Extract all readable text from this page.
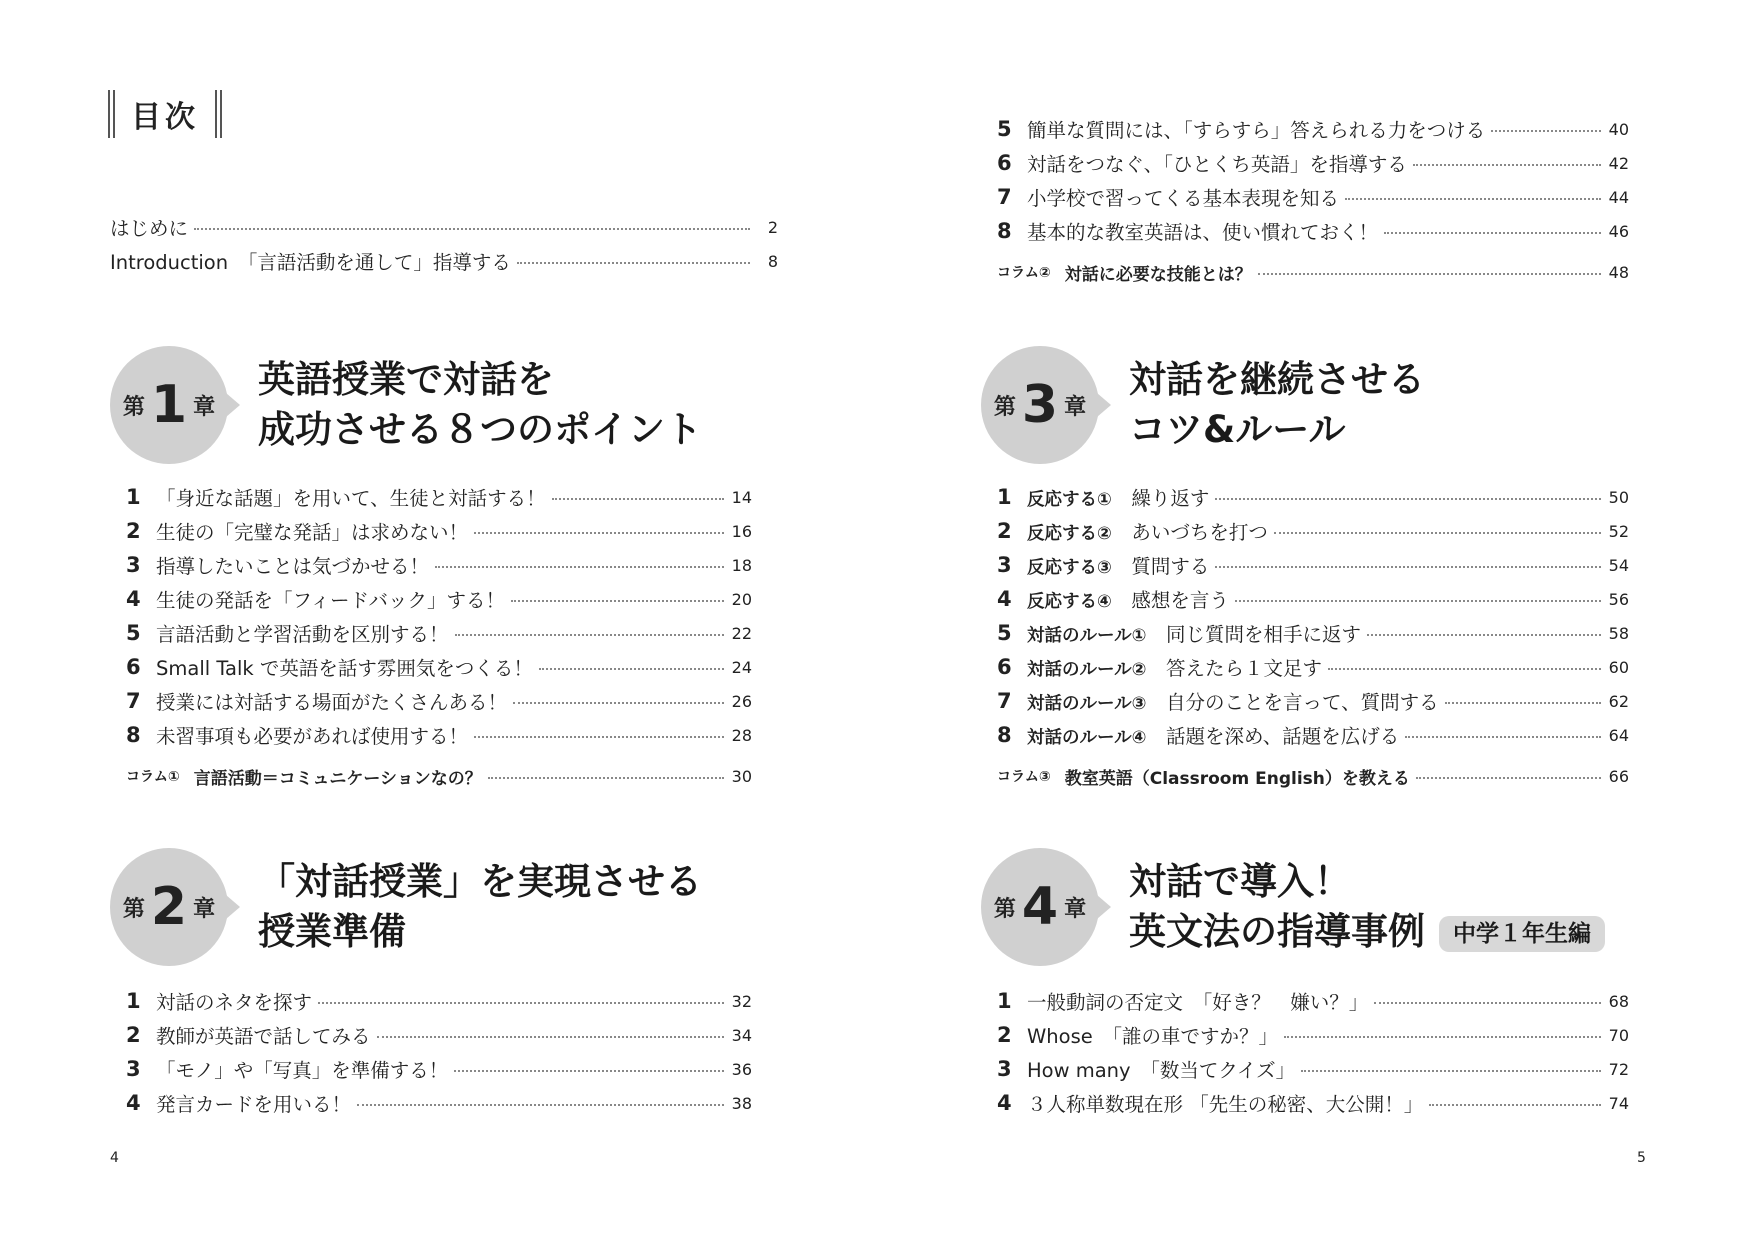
目次
はじめに	2
Introduction　「言語活動を通して」指導する	8
第 1 章
英語授業で対話を
成功させる８つのポイント
1 「身近な話題」を用いて、生徒と対話する！	14
2 生徒の「完璧な発話」は求めない！	16
3 指導したいことは気づかせる！	18
4 生徒の発話を「フィードバック」する！	20
5 言語活動と学習活動を区別する！	22
6 Small Talk で英語を話す雰囲気をつくる！	24
7 授業には対話する場面がたくさんある！	26
8 未習事項も必要があれば使用する！	28
コラム① 言語活動＝コミュニケーションなの？	30
第 2 章
「対話授業」を実現させる
授業準備
1 対話のネタを探す	32
2 教師が英語で話してみる	34
3 「モノ」や「写真」を準備する！	36
4 発言カードを用いる！	38
4
5 簡単な質問には、「すらすら」答えられる力をつける	40
6 対話をつなぐ、「ひとくち英語」を指導する	42
7 小学校で習ってくる基本表現を知る	44
8 基本的な教室英語は、使い慣れておく！	46
コラム② 対話に必要な技能とは？	48
第 3 章
対話を継続させる
コツ&ルール
1 反応する①　繰り返す	50
2 反応する②　あいづちを打つ	52
3 反応する③　質問する	54
4 反応する④　感想を言う	56
5 対話のルール①　同じ質問を相手に返す	58
6 対話のルール②　答えたら１文足す	60
7 対話のルール③　自分のことを言って、質問する	62
8 対話のルール④　話題を深め、話題を広げる	64
コラム③ 教室英語（Classroom English）を教える	66
第 4 章
対話で導入！
英文法の指導事例 中学１年生編
1 一般動詞の否定文　「好き？　嫌い？」	68
2 Whose　「誰の車ですか？」	70
3 How many　「数当てクイズ」	72
4 ３人称単数現在形 「先生の秘密、大公開！」	74
5
